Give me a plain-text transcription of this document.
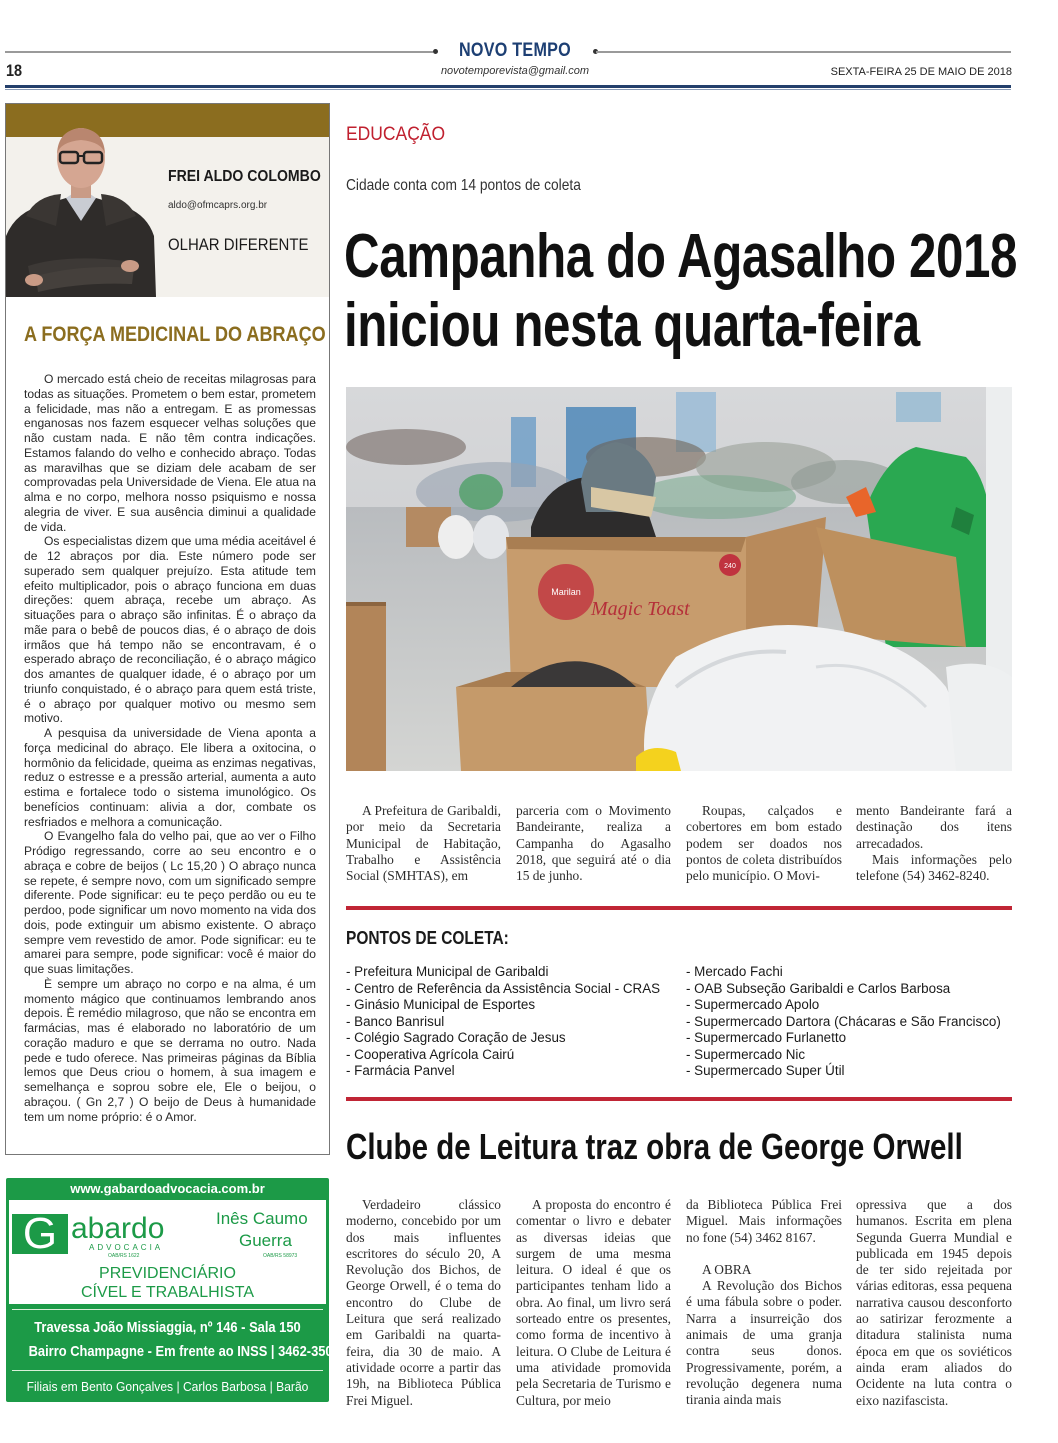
NOVO TEMPO
18	novotemporevista@gmail.com	SEXTA-FEIRA 25 DE MAIO DE 2018
FREI ALDO COLOMBO
aldo@ofmcaprs.org.br
OLHAR DIFERENTE
A FORÇA MEDICINAL DO ABRAÇO

O mercado está cheio de receitas milagrosas para todas as situações. Prometem o bem estar, prometem a felicidade, mas não a entregam. E as promessas enganosas nos fazem esquecer velhas soluções que não custam nada. E não têm contra indicações. Estamos falando do velho e conhecido abraço. Todas as maravilhas que se diziam dele acabam de ser comprovadas pela Universidade de Viena. Ele atua na alma e no corpo, melhora nosso psiquismo e nossa alegria de viver. E sua ausência diminui a qualidade de vida.

Os especialistas dizem que uma média aceitável é de 12 abraços por dia. Este número pode ser superado sem qualquer prejuízo. Esta atitude tem efeito multiplicador, pois o abraço funciona em duas direções: quem abraça, recebe um abraço. As situações para o abraço são infinitas. É o abraço da mãe para o bebê de poucos dias, é o abraço de dois irmãos que há tempo não se encontravam, é o esperado abraço de reconciliação, é o abraço mágico dos amantes de qualquer idade, é o abraço por um triunfo conquistado, é o abraço para quem está triste, é o abraço por qualquer motivo ou mesmo sem motivo.

A pesquisa da universidade de Viena aponta a força medicinal do abraço. Ele libera a oxitocina, o hormônio da felicidade, queima as enzimas negativas, reduz o estresse e a pressão arterial, aumenta a auto estima e fortalece todo o sistema imunológico. Os benefícios continuam: alivia a dor, combate os resfriados e melhora a comunicação.

O Evangelho fala do velho pai, que ao ver o Filho Pródigo regressando, corre ao seu encontro e o abraça e cobre de beijos ( Lc 15,20 ) O abraço nunca se repete, é sempre novo, com um significado sempre diferente. Pode significar: eu te peço perdão ou eu te perdoo, pode significar um novo momento na vida dos dois, pode extinguir um abismo existente. O abraço sempre vem revestido de amor. Pode significar: eu te amarei para sempre, pode significar: você é maior do que suas limitações.

È sempre um abraço no corpo e na alma, é um momento mágico que continuamos lembrando anos depois. È remédio milagroso, que não se encontra em farmácias, mas é elaborado no laboratório de um coração maduro e que se derrama no outro. Nada pede e tudo oferece. Nas primeiras páginas da Bíblia lemos que Deus criou o homem, à sua imagem e semelhança e soprou sobre ele, Ele o beijou, o abraçou. ( Gn 2,7 ) O beijo de Deus à humanidade tem um nome próprio: é o Amor.

www.gabardoadvocacia.com.br
G abardo
ADVOCACIA
OAB/RS 1622
Inês Caumo
Guerra
OAB/RS 58973
PREVIDENCIÁRIO
CÍVEL E TRABALHISTA
Travessa João Missiaggia, nº 146 - Sala 150
Bairro Champagne - Em frente ao INSS | 3462-3508
Filiais em Bento Gonçalves | Carlos Barbosa | Barão
EDUCAÇÃO
Cidade conta com 14 pontos de coleta
Campanha do Agasalho 2018
iniciou nesta quarta-feira
Marilan
Magic Toast
240

A Prefeitura de Garibaldi, por meio da Secretaria Municipal de Habitação, Trabalho e Assistência Social (SMHTAS), em

parceria com o Movimento Bandeirante, realiza a Campanha do Agasalho 2018, que seguirá até o dia 15 de junho.

Roupas, calçados e cobertores em bom estado podem ser doados nos pontos de coleta distribuídos pelo município. O Movi-

mento Bandeirante fará a destinação dos itens arrecadados.

Mais informações pelo telefone (54) 3462-8240.

PONTOS DE COLETA:
- Prefeitura Municipal de Garibaldi
- Centro de Referência da Assistência Social - CRAS
- Ginásio Municipal de Esportes
- Banco Banrisul
- Colégio Sagrado Coração de Jesus
- Cooperativa Agrícola Cairú
- Farmácia Panvel
- Mercado Fachi
- OAB Subseção Garibaldi e Carlos Barbosa
- Supermercado Apolo
- Supermercado Dartora (Chácaras e São Francisco)
- Supermercado Furlanetto
- Supermercado Nic
- Supermercado Super Útil
Clube de Leitura traz obra de George Orwell

Verdadeiro clássico moderno, concebido por um dos mais influentes escritores do século 20, A Revolução dos Bichos, de George Orwell, é o tema do encontro do Clube de Leitura que será realizado em Garibaldi na quarta-feira, dia 30 de maio. A atividade ocorre a partir das 19h, na Biblioteca Pública Frei Miguel.

A proposta do encontro é comentar o livro e debater as diversas ideias que surgem de uma mesma leitura. O ideal é que os participantes tenham lido a obra. Ao final, um livro será sorteado entre os presentes, como forma de incentivo à leitura. O Clube de Leitura é uma atividade promovida pela Secretaria de Turismo e Cultura, por meio

da Biblioteca Pública Frei Miguel. Mais informações no fone (54) 3462 8167.

A OBRA

A Revolução dos Bichos é uma fábula sobre o poder. Narra a insurreição dos animais de uma granja contra seus donos. Progressivamente, porém, a revolução degenera numa tirania ainda mais

opressiva que a dos humanos. Escrita em plena Segunda Guerra Mundial e publicada em 1945 depois de ter sido rejeitada por várias editoras, essa pequena narrativa causou desconforto ao satirizar ferozmente a ditadura stalinista numa época em que os soviéticos ainda eram aliados do Ocidente na luta contra o eixo nazifascista.
